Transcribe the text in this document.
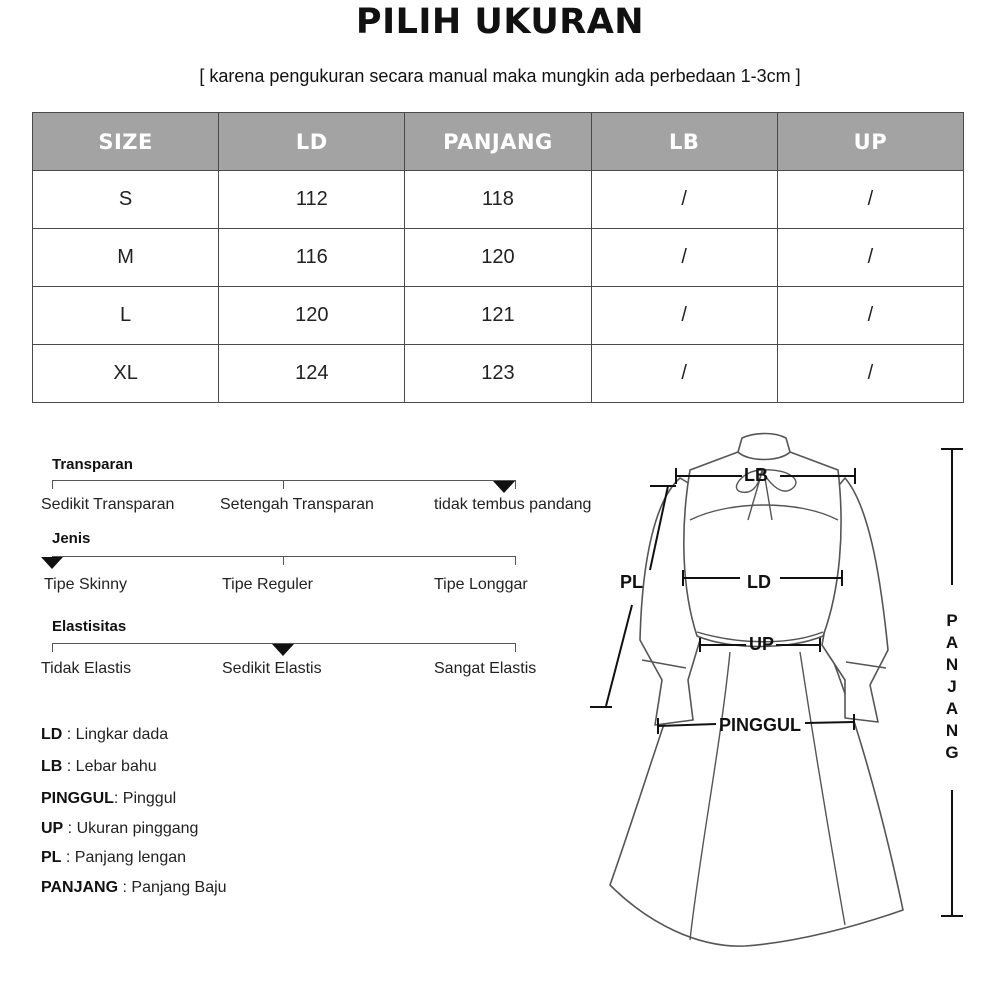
PILIH UKURAN
[ karena pengukuran secara manual maka mungkin ada perbedaan 1-3cm ]
SIZE	LD	PANJANG	LB	UP
S	112	118	/	/
M	116	120	/	/
L	120	121	/	/
XL	124	123	/	/
Transparan
Sedikit Transparan	Setengah Transparan	tidak tembus pandang
Jenis
Tipe Skinny	Tipe Reguler	Tipe Longgar
Elastisitas
Tidak Elastis	Sedikit Elastis	Sangat Elastis
LD : Lingkar dada
LB : Lebar bahu
PINGGUL: Pinggul
UP : Ukuran pinggang
PL : Panjang lengan
PANJANG : Panjang Baju
LB
PL	LD
UP
PINGGUL
P
A
N
J
A
N
G
